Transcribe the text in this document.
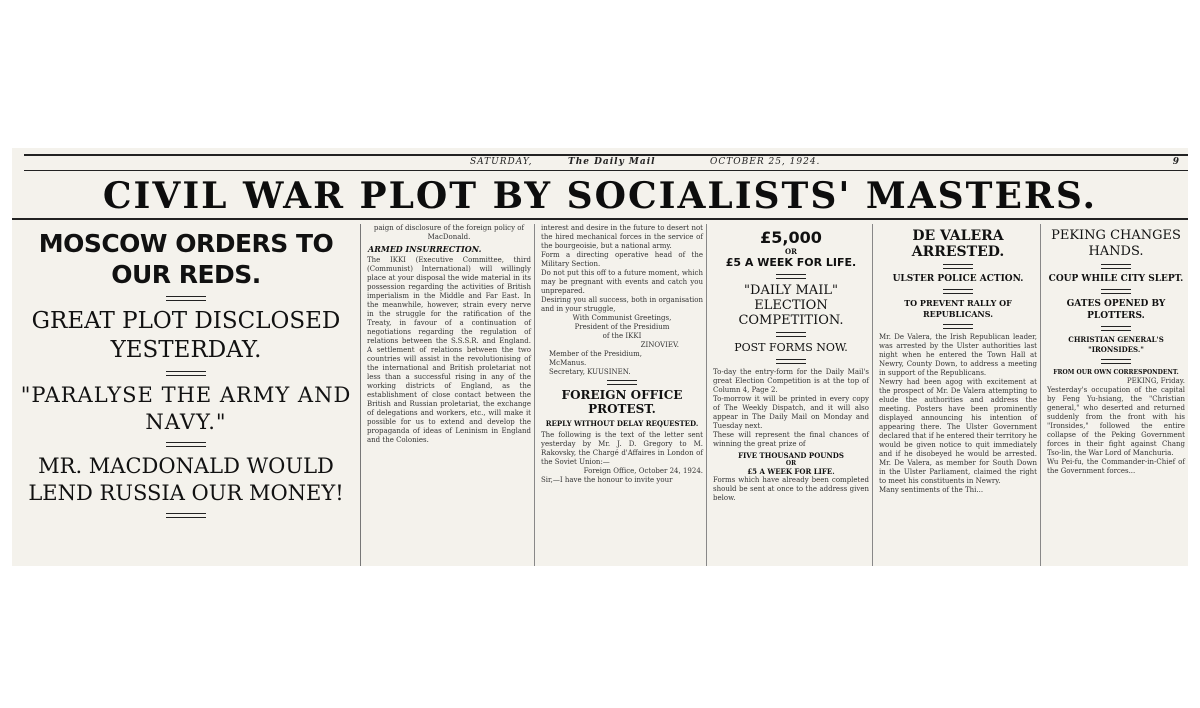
SATURDAY,	The Daily Mail	OCTOBER 25, 1924.	9
CIVIL WAR PLOT BY SOCIALISTS' MASTERS.
MOSCOW ORDERS TO OUR REDS.
GREAT PLOT DISCLOSED YESTERDAY.
"PARALYSE THE ARMY AND NAVY."
MR. MACDONALD WOULD LEND RUSSIA OUR MONEY!
paign of disclosure of the foreign policy of MacDonald.
ARMED INSURRECTION.
The IKKI (Executive Committee, third (Communist) International) will willingly place at your disposal the wide material in its possession regarding the activities of British imperialism in the Middle and Far East. In the meanwhile, however, strain every nerve in the struggle for the ratification of the Treaty, in favour of a continuation of negotiations regarding the regulation of relations between the S.S.S.R. and England. A settlement of relations between the two countries will assist in the revolutionising of the international and British proletariat not less than a successful rising in any of the working districts of England, as the establishment of close contact between the British and Russian proletariat, the exchange of delegations and workers, etc., will make it possible for us to extend and develop the propaganda of ideas of Leninism in England and the Colonies.
interest and desire in the future to desert not the hired mechanical forces in the service of the bourgeoisie, but a national army.
Form a directing operative head of the Military Section.
Do not put this off to a future moment, which may be pregnant with events and catch you unprepared.
Desiring you all success, both in organisation and in your struggle,
With Communist Greetings,
President of the Presidium
of the IKKI
ZINOVIEV.
Member of the Presidium,
McManus.
Secretary, KUUSINEN.
FOREIGN OFFICE PROTEST.
REPLY WITHOUT DELAY REQUESTED.
The following is the text of the letter sent yesterday by Mr. J. D. Gregory to M. Rakovsky, the Chargé d'Affaires in London of the Soviet Union:—
Foreign Office, October 24, 1924.
Sir,—I have the honour to invite your
£5,000
OR
£5 A WEEK FOR LIFE.
"DAILY MAIL" ELECTION COMPETITION.
POST FORMS NOW.
To-day the entry-form for the Daily Mail's great Election Competition is at the top of Column 4, Page 2.
To-morrow it will be printed in every copy of The Weekly Dispatch, and it will also appear in The Daily Mail on Monday and Tuesday next.
These will represent the final chances of winning the great prize of
FIVE THOUSAND POUNDS
OR
£5 A WEEK FOR LIFE.
Forms which have already been completed should be sent at once to the address given below.
DE VALERA ARRESTED.
ULSTER POLICE ACTION.
TO PREVENT RALLY OF REPUBLICANS.
Mr. De Valera, the Irish Republican leader, was arrested by the Ulster authorities last night when he entered the Town Hall at Newry, County Down, to address a meeting in support of the Republicans.
Newry had been agog with excitement at the prospect of Mr. De Valera attempting to elude the authorities and address the meeting. Posters have been prominently displayed announcing his intention of appearing there. The Ulster Government declared that if he entered their territory he would be given notice to quit immediately and if he disobeyed he would be arrested. Mr. De Valera, as member for South Down in the Ulster Parliament, claimed the right to meet his constituents in Newry.
Many sentiments of the Thi...
PEKING CHANGES HANDS.
COUP WHILE CITY SLEPT.
GATES OPENED BY PLOTTERS.
CHRISTIAN GENERAL'S "IRONSIDES."
FROM OUR OWN CORRESPONDENT.
PEKING, Friday.
Yesterday's occupation of the capital by Feng Yu-hsiang, the "Christian general," who deserted and returned suddenly from the front with his "Ironsides," followed the entire collapse of the Peking Government forces in their fight against Chang Tso-lin, the War Lord of Manchuria.
Wu Pei-fu, the Commander-in-Chief of the Government forces...
